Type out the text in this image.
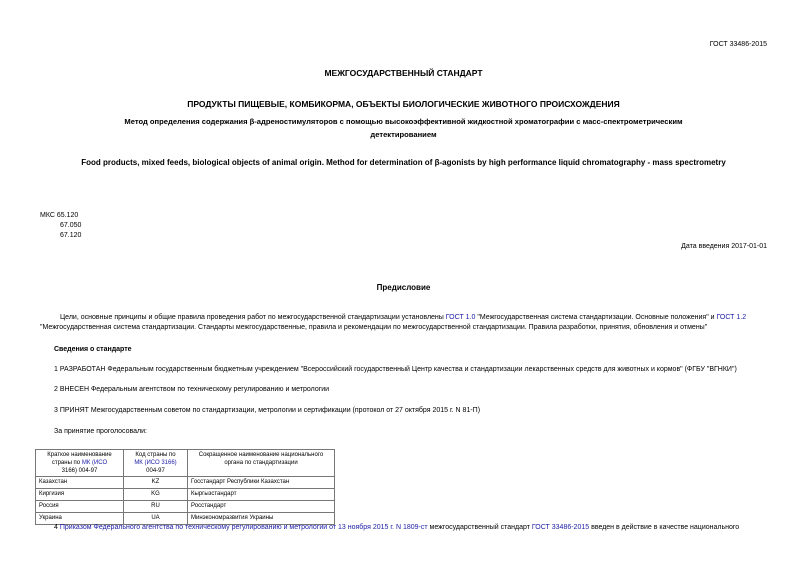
ГОСТ 33486-2015
МЕЖГОСУДАРСТВЕННЫЙ СТАНДАРТ
ПРОДУКТЫ ПИЩЕВЫЕ, КОМБИКОРМА, ОБЪЕКТЫ БИОЛОГИЧЕСКИЕ ЖИВОТНОГО ПРОИСХОЖДЕНИЯ
Метод определения содержания β-адреностимуляторов с помощью высокоэффективной жидкостной хроматографии с масс-спектрометрическим
детектированием
Food products, mixed feeds, biological objects of animal origin. Method for determination of β-agonists by high performance liquid chromatography - mass spectrometry
МКС 65.120
67.050
67.120
Дата введения 2017-01-01
Предисловие
Цели, основные принципы и общие правила проведения работ по межгосударственной стандартизации установлены ГОСТ 1.0 "Межгосударственная система стандартизации. Основные положения" и ГОСТ 1.2
"Межгосударственная система стандартизации. Стандарты межгосударственные, правила и рекомендации по межгосударственной стандартизации. Правила разработки, принятия, обновления и отмены"
Сведения о стандарте
1 РАЗРАБОТАН Федеральным государственным бюджетным учреждением "Всероссийский государственный Центр качества и стандартизации лекарственных средств для животных и кормов" (ФГБУ "ВГНКИ")
2 ВНЕСЕН Федеральным агентством по техническому регулированию и метрологии
3 ПРИНЯТ Межгосударственным советом по стандартизации, метрологии и сертификации (протокол от 27 октября 2015 г. N 81-П)
За принятие проголосовали:
Краткое наименование
страны по МК (ИСО
3166) 004-97	Код страны по
МК (ИСО 3166)
004-97	Сокращенное наименование национального
органа по стандартизации
Казахстан	KZ	Госстандарт Республики Казахстан
Киргизия	KG	Кыргызстандарт
Россия	RU	Росстандарт
Украина	UA	Минэкономразвития Украины
4 Приказом Федерального агентства по техническому регулированию и метрологии от 13 ноября 2015 г. N 1809-ст межгосударственный стандарт ГОСТ 33486-2015 введен в действие в качестве национального
